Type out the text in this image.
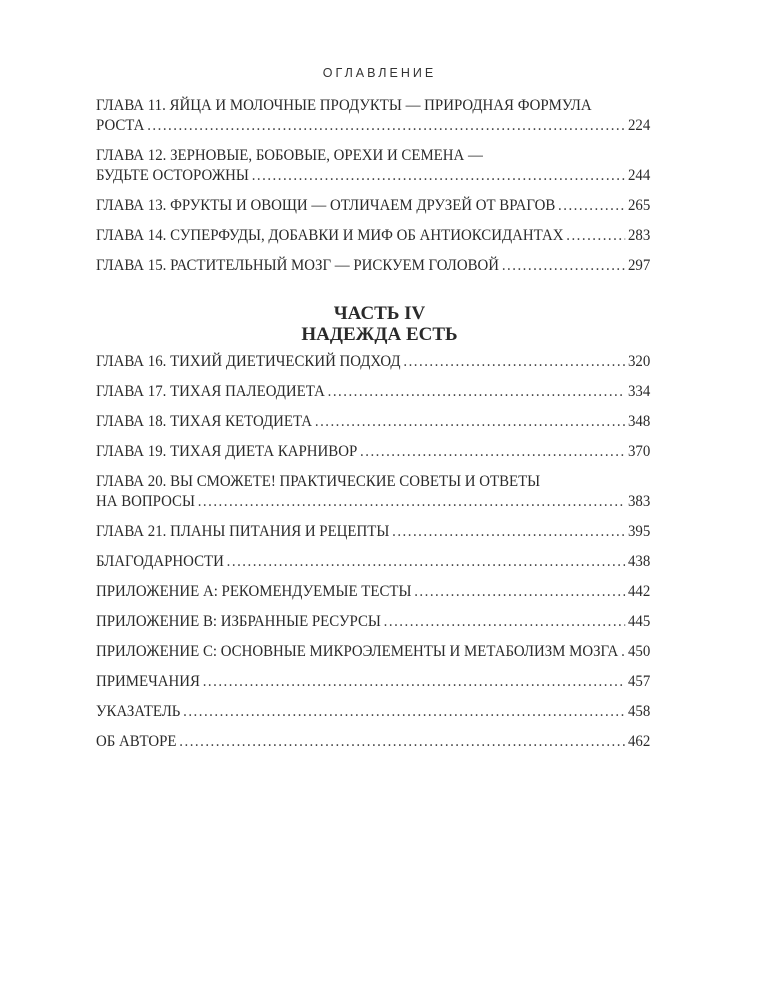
ОГЛАВЛЕНИЕ
ГЛАВА 11. ЯЙЦА И МОЛОЧНЫЕ ПРОДУКТЫ — ПРИРОДНАЯ ФОРМУЛА
РОСТА . . .	224
ГЛАВА 12. ЗЕРНОВЫЕ, БОБОВЫЕ, ОРЕХИ И СЕМЕНА —
БУДЬТЕ ОСТОРОЖНЫ . . .	244
ГЛАВА 13. ФРУКТЫ И ОВОЩИ — ОТЛИЧАЕМ ДРУЗЕЙ ОТ ВРАГОВ . . .	265
ГЛАВА 14. СУПЕРФУДЫ, ДОБАВКИ И МИФ ОБ АНТИОКСИДАНТАХ . . .	283
ГЛАВА 15. РАСТИТЕЛЬНЫЙ МОЗГ — РИСКУЕМ ГОЛОВОЙ . . .	297
ЧАСТЬ IV
НАДЕЖДА ЕСТЬ
ГЛАВА 16. ТИХИЙ ДИЕТИЧЕСКИЙ ПОДХОД . . .	320
ГЛАВА 17. ТИХАЯ ПАЛЕОДИЕТА . . .	334
ГЛАВА 18. ТИХАЯ КЕТОДИЕТА . . .	348
ГЛАВА 19. ТИХАЯ ДИЕТА КАРНИВОР . . .	370
ГЛАВА 20. ВЫ СМОЖЕТЕ! ПРАКТИЧЕСКИЕ СОВЕТЫ И ОТВЕТЫ
НА ВОПРОСЫ . . .	383
ГЛАВА 21. ПЛАНЫ ПИТАНИЯ И РЕЦЕПТЫ . . .	395
БЛАГОДАРНОСТИ . . .	438
ПРИЛОЖЕНИЕ А: РЕКОМЕНДУЕМЫЕ ТЕСТЫ . . .	442
ПРИЛОЖЕНИЕ В: ИЗБРАННЫЕ РЕСУРСЫ . . .	445
ПРИЛОЖЕНИЕ С: ОСНОВНЫЕ МИКРОЭЛЕМЕНТЫ И МЕТАБОЛИЗМ МОЗГА . . . 450
ПРИМЕЧАНИЯ . . .	457
УКАЗАТЕЛЬ . . .	458
ОБ АВТОРЕ . . .	462
